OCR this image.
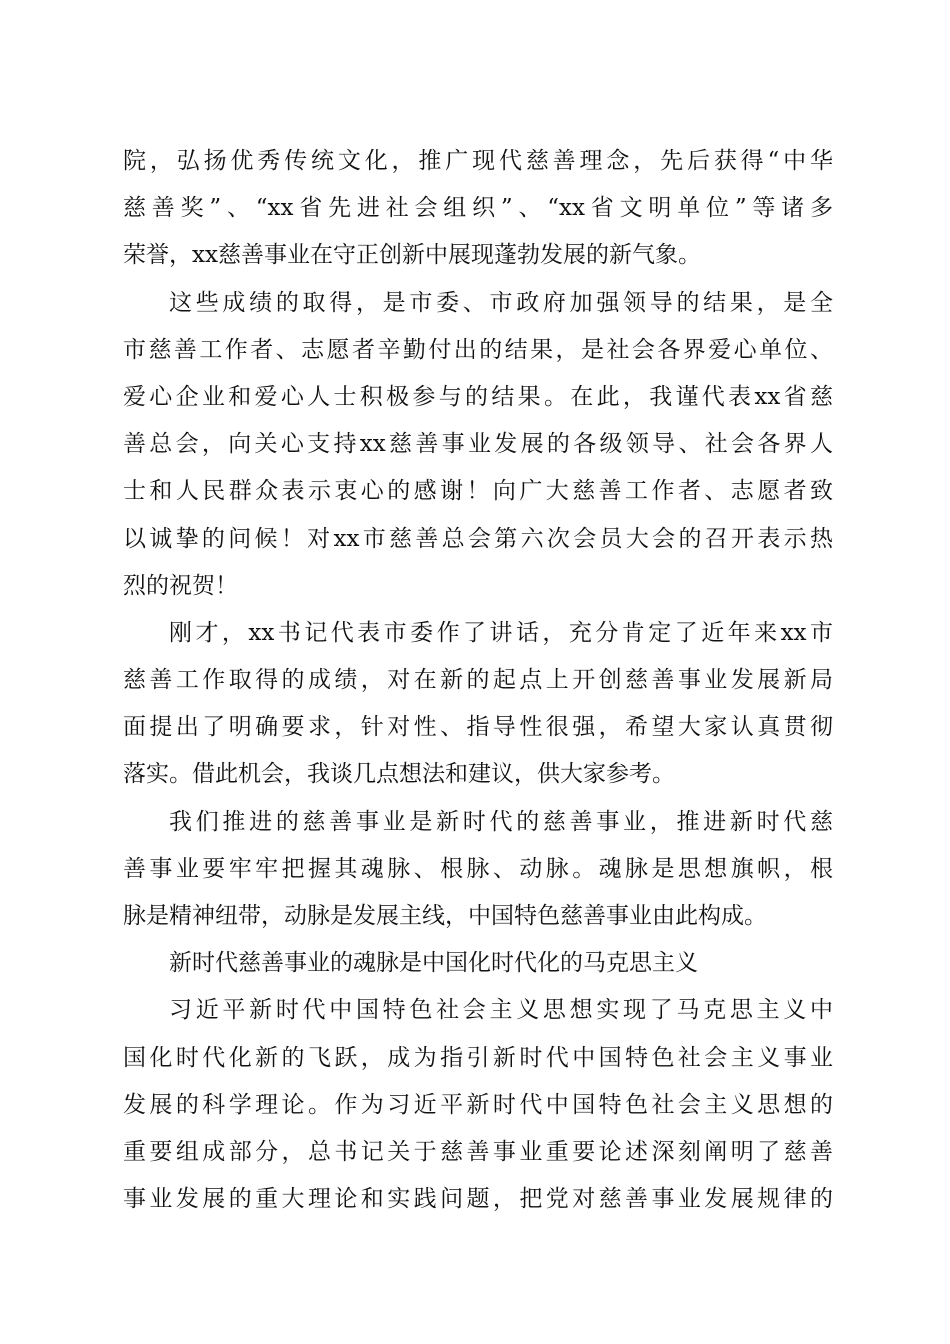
院，弘扬优秀传统文化，推广现代慈善理念，先后获得“中华
慈善奖”、“xx省先进社会组织”、“xx省文明单位”等诸多
荣誉，xx慈善事业在守正创新中展现蓬勃发展的新气象。
这些成绩的取得，是市委、市政府加强领导的结果，是全
市慈善工作者、志愿者辛勤付出的结果，是社会各界爱心单位、
爱心企业和爱心人士积极参与的结果。在此，我谨代表xx省慈
善总会，向关心支持xx慈善事业发展的各级领导、社会各界人
士和人民群众表示衷心的感谢！向广大慈善工作者、志愿者致
以诚挚的问候！对xx市慈善总会第六次会员大会的召开表示热
烈的祝贺！
刚才，xx书记代表市委作了讲话，充分肯定了近年来xx市
慈善工作取得的成绩，对在新的起点上开创慈善事业发展新局
面提出了明确要求，针对性、指导性很强，希望大家认真贯彻
落实。借此机会，我谈几点想法和建议，供大家参考。
我们推进的慈善事业是新时代的慈善事业，推进新时代慈
善事业要牢牢把握其魂脉、根脉、动脉。魂脉是思想旗帜，根
脉是精神纽带，动脉是发展主线，中国特色慈善事业由此构成。
新时代慈善事业的魂脉是中国化时代化的马克思主义
习近平新时代中国特色社会主义思想实现了马克思主义中
国化时代化新的飞跃，成为指引新时代中国特色社会主义事业
发展的科学理论。作为习近平新时代中国特色社会主义思想的
重要组成部分，总书记关于慈善事业重要论述深刻阐明了慈善
事业发展的重大理论和实践问题，把党对慈善事业发展规律的
